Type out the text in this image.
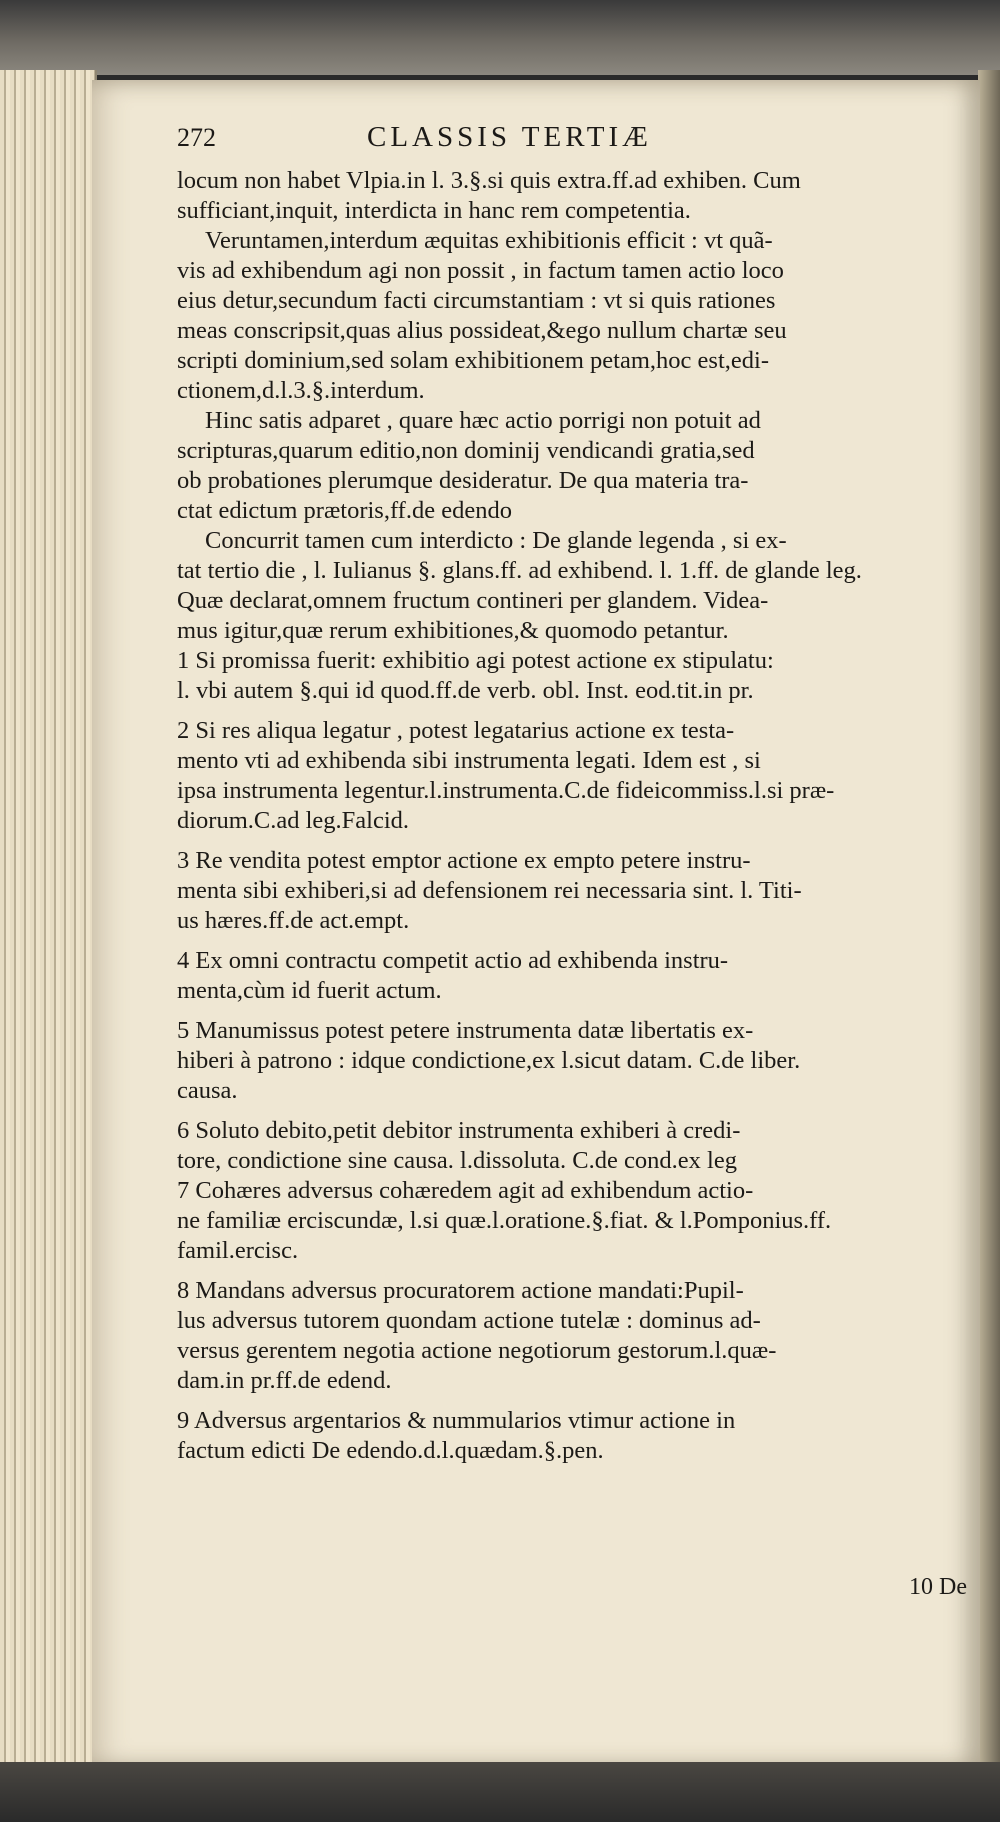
272	CLASSIS TERTIÆ

locum non habet Vlpia.in l. 3.§.si quis extra.ff.ad exhiben. Cum
sufficiant,inquit, interdicta in hanc rem competentia.

Veruntamen,interdum æquitas exhibitionis efficit : vt quã-
vis ad exhibendum agi non possit , in factum tamen actio loco
eius detur,secundum facti circumstantiam : vt si quis rationes
meas conscripsit,quas alius possideat,&ego nullum chartæ seu
scripti dominium,sed solam exhibitionem petam,hoc est,edi-
ctionem,d.l.3.§.interdum.

Hinc satis adparet , quare hæc actio porrigi non potuit ad
scripturas,quarum editio,non dominij vendicandi gratia,sed
ob probationes plerumque desideratur. De qua materia tra-
ctat edictum prætoris,ff.de edendo

Concurrit tamen cum interdicto : De glande legenda , si ex-
tat tertio die , l. Iulianus §. glans.ff. ad exhibend. l. 1.ff. de glande leg.
Quæ declarat,omnem fructum contineri per glandem. Videa-
mus igitur,quæ rerum exhibitiones,& quomodo petantur.

1 Si promissa fuerit: exhibitio agi potest actione ex stipulatu:
l. vbi autem §.qui id quod.ff.de verb. obl. Inst. eod.tit.in pr.

2 Si res aliqua legatur , potest legatarius actione ex testa-
mento vti ad exhibenda sibi instrumenta legati. Idem est , si
ipsa instrumenta legentur.l.instrumenta.C.de fideicommiss.l.si præ-
diorum.C.ad leg.Falcid.

3 Re vendita potest emptor actione ex empto petere instru-
menta sibi exhiberi,si ad defensionem rei necessaria sint. l. Titi-
us hæres.ff.de act.empt.

4 Ex omni contractu competit actio ad exhibenda instru-
menta,cùm id fuerit actum.

5 Manumissus potest petere instrumenta datæ libertatis ex-
hiberi à patrono : idque condictione,ex l.sicut datam. C.de liber.
causa.

6 Soluto debito,petit debitor instrumenta exhiberi à credi-
tore, condictione sine causa. l.dissoluta. C.de cond.ex leg

7 Cohæres adversus cohæredem agit ad exhibendum actio-
ne familiæ erciscundæ, l.si quæ.l.oratione.§.fiat. & l.Pomponius.ff.
famil.ercisc.

8 Mandans adversus procuratorem actione mandati:Pupil-
lus adversus tutorem quondam actione tutelæ : dominus ad-
versus gerentem negotia actione negotiorum gestorum.l.quæ-
dam.in pr.ff.de edend.

9 Adversus argentarios & nummularios vtimur actione in
factum edicti De edendo.d.l.quædam.§.pen.

10 De
